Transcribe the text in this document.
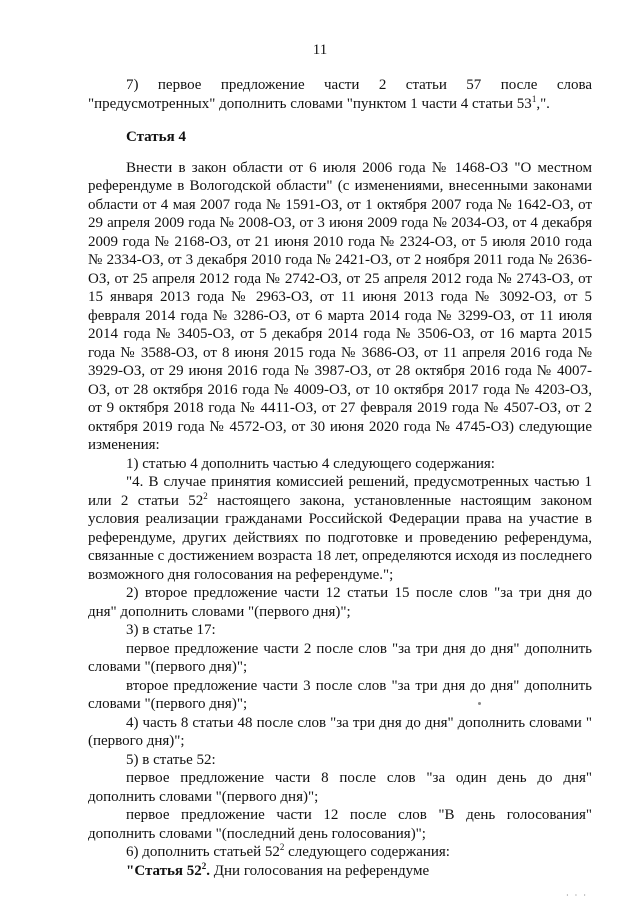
11

7) первое предложение части 2 статьи 57 после слова "предусмотренных" дополнить словами "пунктом 1 части 4 статьи $53^1$,".

Статья 4

Внести в закон области от 6 июля 2006 года № 1468-ОЗ "О местном референдуме в Вологодской области" (с изменениями, внесенными законами области от 4 мая 2007 года № 1591-ОЗ, от 1 октября 2007 года № 1642-ОЗ, от 29 апреля 2009 года № 2008-ОЗ, от 3 июня 2009 года № 2034-ОЗ, от 4 декабря 2009 года № 2168-ОЗ, от 21 июня 2010 года № 2324-ОЗ, от 5 июля 2010 года № 2334-ОЗ, от 3 декабря 2010 года № 2421-ОЗ, от 2 ноября 2011 года № 2636-ОЗ, от 25 апреля 2012 года № 2742-ОЗ, от 25 апреля 2012 года № 2743-ОЗ, от 15 января 2013 года № 2963-ОЗ, от 11 июня 2013 года № 3092-ОЗ, от 5 февраля 2014 года № 3286-ОЗ, от 6 марта 2014 года № 3299-ОЗ, от 11 июля 2014 года № 3405-ОЗ, от 5 декабря 2014 года № 3506-ОЗ, от 16 марта 2015 года № 3588-ОЗ, от 8 июня 2015 года № 3686-ОЗ, от 11 апреля 2016 года № 3929-ОЗ, от 29 июня 2016 года № 3987-ОЗ, от 28 октября 2016 года № 4007-ОЗ, от 28 октября 2016 года № 4009-ОЗ, от 10 октября 2017 года № 4203-ОЗ, от 9 октября 2018 года № 4411-ОЗ, от 27 февраля 2019 года № 4507-ОЗ, от 2 октября 2019 года № 4572-ОЗ, от 30 июня 2020 года № 4745-ОЗ) следующие изменения:

1) статью 4 дополнить частью 4 следующего содержания:

"4. В случае принятия комиссией решений, предусмотренных частью 1 или 2 статьи $52^2$ настоящего закона, установленные настоящим законом условия реализации гражданами Российской Федерации права на участие в референдуме, других действиях по подготовке и проведению референдума, связанные с достижением возраста 18 лет, определяются исходя из последнего возможного дня голосования на референдуме.";

2) второе предложение части 12 статьи 15 после слов "за три дня до дня" дополнить словами "(первого дня)";

3) в статье 17:

первое предложение части 2 после слов "за три дня до дня" дополнить словами "(первого дня)";

второе предложение части 3 после слов "за три дня до дня" дополнить словами "(первого дня)";

4) часть 8 статьи 48 после слов "за три дня до дня" дополнить словами "(первого дня)";

5) в статье 52:

первое предложение части 8 после слов "за один день до дня" дополнить словами "(первого дня)";

первое предложение части 12 после слов "В день голосования" дополнить словами "(последний день голосования)";

6) дополнить статьей $52^2$ следующего содержания:

"Статья $52^2$. Дни голосования на референдуме

· · ·
